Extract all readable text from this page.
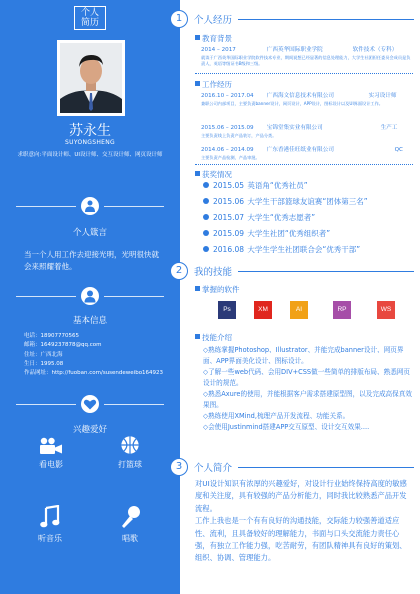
个人
简历
苏永生
SUYONGSHENG
求职意向:平面设计师、UI设计师、交互设计师、网页设计师
个人箴言
当一个人用工作去迎接光明，光明很快就会来照耀着他。
基本信息
电话：18907770565
邮箱：1649237878@qq.com
住址：广西北海
生日：1995.08
作品网址：http://fuoban.com/susendeweibo164923
兴趣爱好
看电影	打篮球
听音乐	唱歌
1	个人经历
教育背景
2014 – 2017	广西英华国际职业学院	软件技术（专科）
就读于广西英华国际职业学院软件技术专业，期间说想已经显著的信息处理能力，大学生社团担任委员会成员是负责人，英语等级证书B级和三级。
工作经历
2016.10 – 2017.04 广西海文信息技术有限公司	实习设计师
兼职公司内部项目，主要负责banner设计，网页设计，APP设计，图标设计以及UI界面设计工作。
2015.06 – 2015.09 宝锦堂集实业有限公司	生产工
主要负责线上负责产品装订，产品分类。
2014.06 – 2014.09 广东香港佳旺纸业有限公司	QC
主要负责产品检测，产品审批。
获奖情况
2015.05 英语角“优秀社员”
2015.06 大学生干部篮球友谊赛“团体第三名”
2015.07 大学生“优秀志愿者”
2015.09 大学生社团“优秀组织者”
2016.08 大学生学生社团联合会“优秀干部”
2	我的技能
掌握的软件
Ps	XM	AI	RP	WS
技能介绍
◇熟练掌握Photoshop、Illustrator、并能完成banner设计、网页界面、APP界面美化设计、图标设计。
◇了解一些web代码、会用DIV+CSS做一些简单的排版布局、熟悉网页设计的规范。
◇熟悉Axure的使用，并能根据客户需求搭建原型图，以及完成高保真效果图。
◇熟练使用XMind,梳理产品开发流程、功能关系。
◇会使用Justinmind搭建APP交互原型、设计交互效果....
3	个人简介
对UI设计知识有浓厚的兴趣爱好，对设计行业始终保持高度的敏感度和关注度，具有较强的产品分析能力，同时我比较熟悉产品开发流程。
工作上我也是一个有有良好的沟通技能，交际能力较强善道适应性、流利，且具备较好的理解能力，书面与口头交流能力责任心强，有独立工作能力强，吃苦耐劳，有团队精神具有良好的策划、组织、协调、管理能力。
